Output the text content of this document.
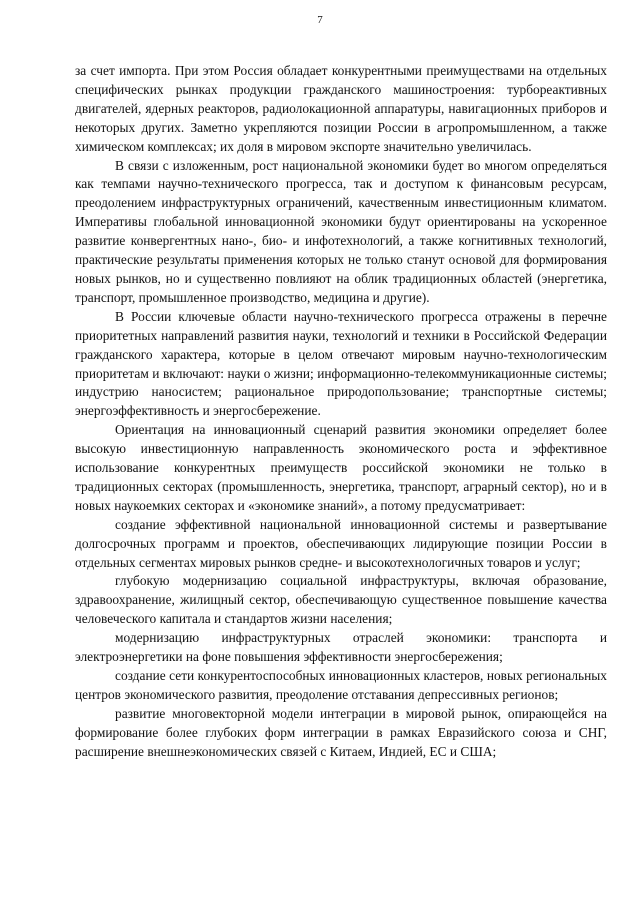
7

за счет импорта. При этом Россия обладает конкурентными преимуществами на отдельных специфических рынках продукции гражданского машиностроения: турбореактивных двигателей, ядерных реакторов, радиолокационной аппаратуры, навигационных приборов и некоторых других. Заметно укрепляются позиции России в агропромышленном, а также химическом комплексах; их доля в мировом экспорте значительно увеличилась.

В связи с изложенным, рост национальной экономики будет во многом определяться как темпами научно-технического прогресса, так и доступом к финансовым ресурсам, преодолением инфраструктурных ограничений, качественным инвестиционным климатом. Императивы глобальной инновационной экономики будут ориентированы на ускоренное развитие конвергентных нано-, био- и инфотехнологий, а также когнитивных технологий, практические результаты применения которых не только станут основой для формирования новых рынков, но и существенно повлияют на облик традиционных областей (энергетика, транспорт, промышленное производство, медицина и другие).

В России ключевые области научно-технического прогресса отражены в перечне приоритетных направлений развития науки, технологий и техники в Российской Федерации гражданского характера, которые в целом отвечают мировым научно-технологическим приоритетам и включают: науки о жизни; информационно-телекоммуникационные системы; индустрию наносистем; рациональное природопользование; транспортные системы; энергоэффективность и энергосбережение.

Ориентация на инновационный сценарий развития экономики определяет более высокую инвестиционную направленность экономического роста и эффективное использование конкурентных преимуществ российской экономики не только в традиционных секторах (промышленность, энергетика, транспорт, аграрный сектор), но и в новых наукоемких секторах и «экономике знаний», а потому предусматривает:

создание эффективной национальной инновационной системы и развертывание долгосрочных программ и проектов, обеспечивающих лидирующие позиции России в отдельных сегментах мировых рынков средне- и высокотехнологичных товаров и услуг;

глубокую модернизацию социальной инфраструктуры, включая образование, здравоохранение, жилищный сектор, обеспечивающую существенное повышение качества человеческого капитала и стандартов жизни населения;

модернизацию инфраструктурных отраслей экономики: транспорта и электроэнергетики на фоне повышения эффективности энергосбережения;

создание сети конкурентоспособных инновационных кластеров, новых региональных центров экономического развития, преодоление отставания депрессивных регионов;

развитие многовекторной модели интеграции в мировой рынок, опирающейся на формирование более глубоких форм интеграции в рамках Евразийского союза и СНГ, расширение внешнеэкономических связей с Китаем, Индией, ЕС и США;
